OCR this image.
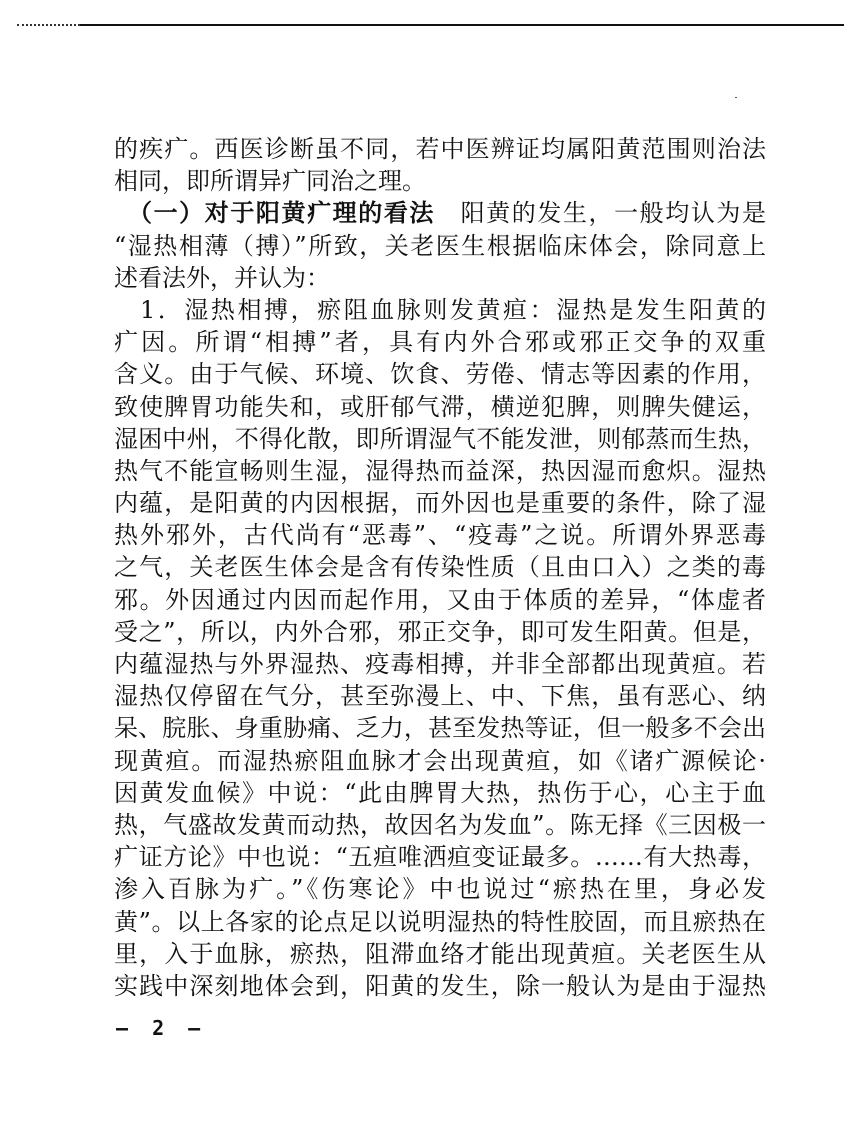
的疾疒。西医诊断虽不同，若中医辨证均属阳黄范围则治法
相同，即所谓异疒同治之理。
（一）对于阳黄疒理的看法　阳黄的发生，一般均认为是
“湿热相薄（搏）”所致，关老医生根据临床体会，除同意上
述看法外，并认为：
1．湿热相搏，瘀阻血脉则发黄疸：湿热是发生阳黄的
疒因。所谓“相搏”者，具有内外合邪或邪正交争的双重
含义。由于气候、环境、饮食、劳倦、情志等因素的作用，
致使脾胃功能失和，或肝郁气滞，横逆犯脾，则脾失健运，
湿困中州，不得化散，即所谓湿气不能发泄，则郁蒸而生热，
热气不能宣畅则生湿，湿得热而益深，热因湿而愈炽。湿热
内蕴，是阳黄的内因根据，而外因也是重要的条件，除了湿
热外邪外，古代尚有“恶毒”、“疫毒”之说。所谓外界恶毒
之气，关老医生体会是含有传染性质（且由口入）之类的毒
邪。外因通过内因而起作用，又由于体质的差异，“体虚者
受之”，所以，内外合邪，邪正交争，即可发生阳黄。但是，
内蕴湿热与外界湿热、疫毒相搏，并非全部都出现黄疸。若
湿热仅停留在气分，甚至弥漫上、中、下焦，虽有恶心、纳
呆、脘胀、身重胁痛、乏力，甚至发热等证，但一般多不会出
现黄疸。而湿热瘀阻血脉才会出现黄疸，如《诸疒源候论·
因黄发血候》中说：“此由脾胃大热，热伤于心，心主于血
热，气盛故发黄而动热，故因名为发血”。陈无择《三因极一
疒证方论》中也说：“五疸唯洒疸变证最多。……有大热毒，
渗入百脉为疒。”《伤寒论》中也说过“瘀热在里，身必发
黄”。以上各家的论点足以说明湿热的特性胶固，而且瘀热在
里，入于血脉，瘀热，阻滞血络才能出现黄疸。关老医生从
实践中深刻地体会到，阳黄的发生，除一般认为是由于湿热
— 2 —
